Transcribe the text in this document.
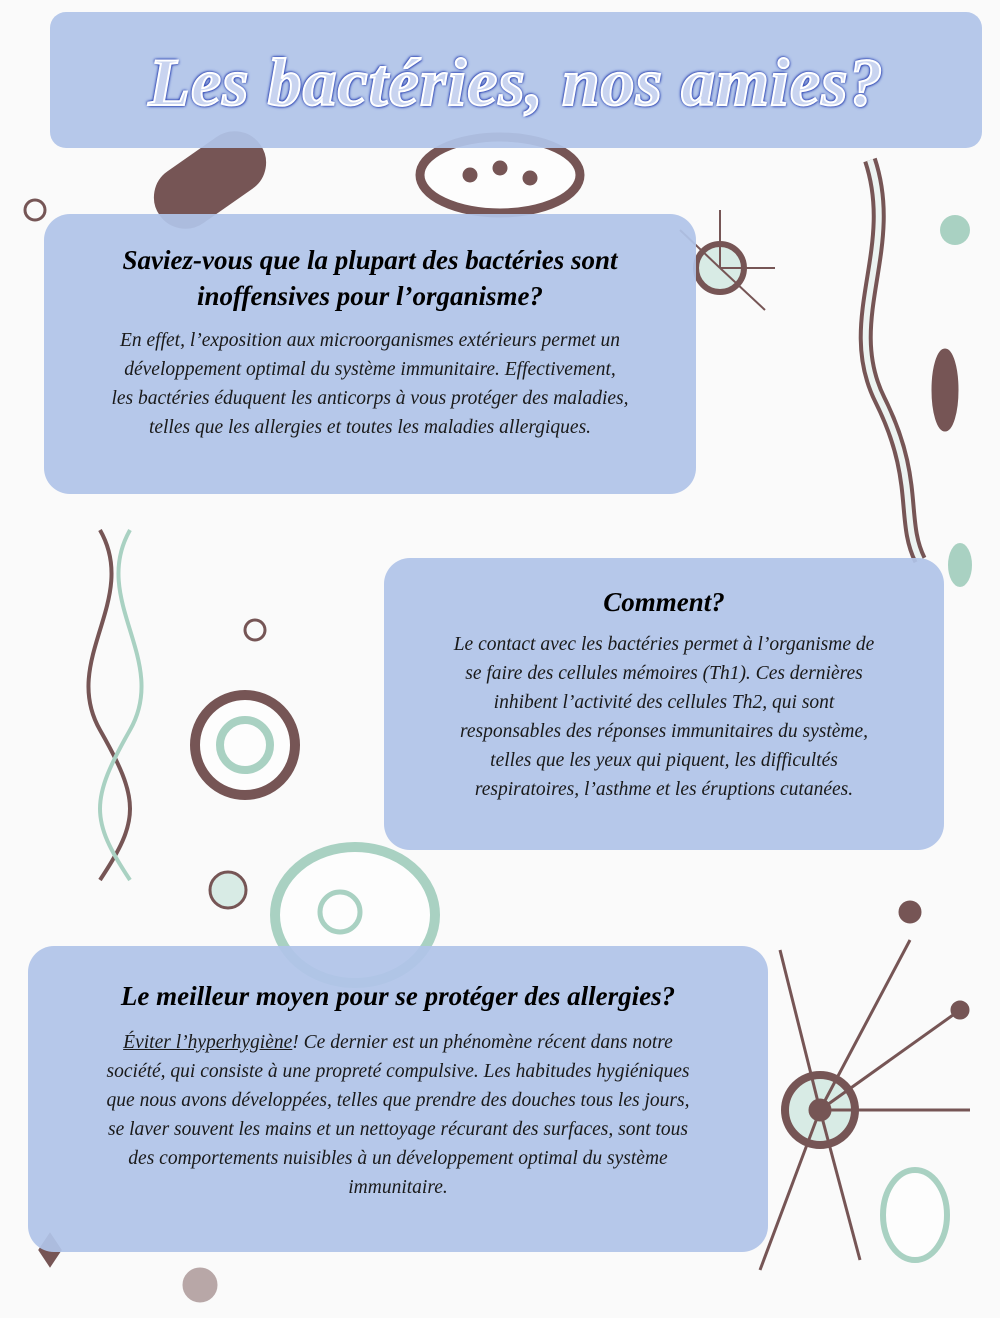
Les bactéries, nos amies?
Saviez-vous que la plupart des bactéries sont
inoffensives pour l’organisme?

En effet, l’exposition aux microorganismes extérieurs permet un
développement optimal du système immunitaire. Effectivement,
les bactéries éduquent les anticorps à vous protéger des maladies,
telles que les allergies et toutes les maladies allergiques.

Comment?

Le contact avec les bactéries permet à l’organisme de
se faire des cellules mémoires (Th1). Ces dernières
inhibent l’activité des cellules Th2, qui sont
responsables des réponses immunitaires du système,
telles que les yeux qui piquent, les difficultés
respiratoires, l’asthme et les éruptions cutanées.

Le meilleur moyen pour se protéger des allergies?

Éviter l’hyperhygiène! Ce dernier est un phénomène récent dans notre
société, qui consiste à une propreté compulsive. Les habitudes hygiéniques
que nous avons développées, telles que prendre des douches tous les jours,
se laver souvent les mains et un nettoyage récurant des surfaces, sont tous
des comportements nuisibles à un développement optimal du système
immunitaire.
